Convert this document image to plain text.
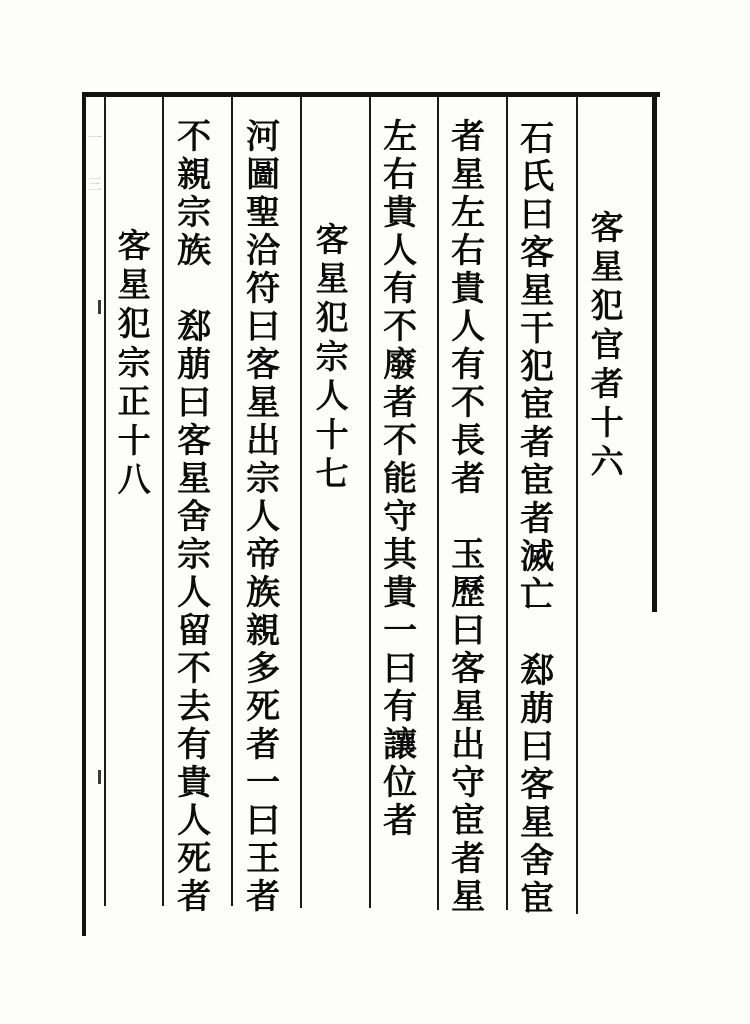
一　三
客星犯官者十六
石氏曰客星干犯宦者宦者滅亡　郄萠曰客星舍宦
者星左右貴人有不長者　玉歷曰客星出守宦者星
左右貴人有不廢者不能守其貴一曰有讓位者
客星犯宗人十七
河圖聖洽符曰客星出宗人帝族親多死者一曰王者
不親宗族　郄萠曰客星舍宗人留不去有貴人死者
客星犯宗正十八
